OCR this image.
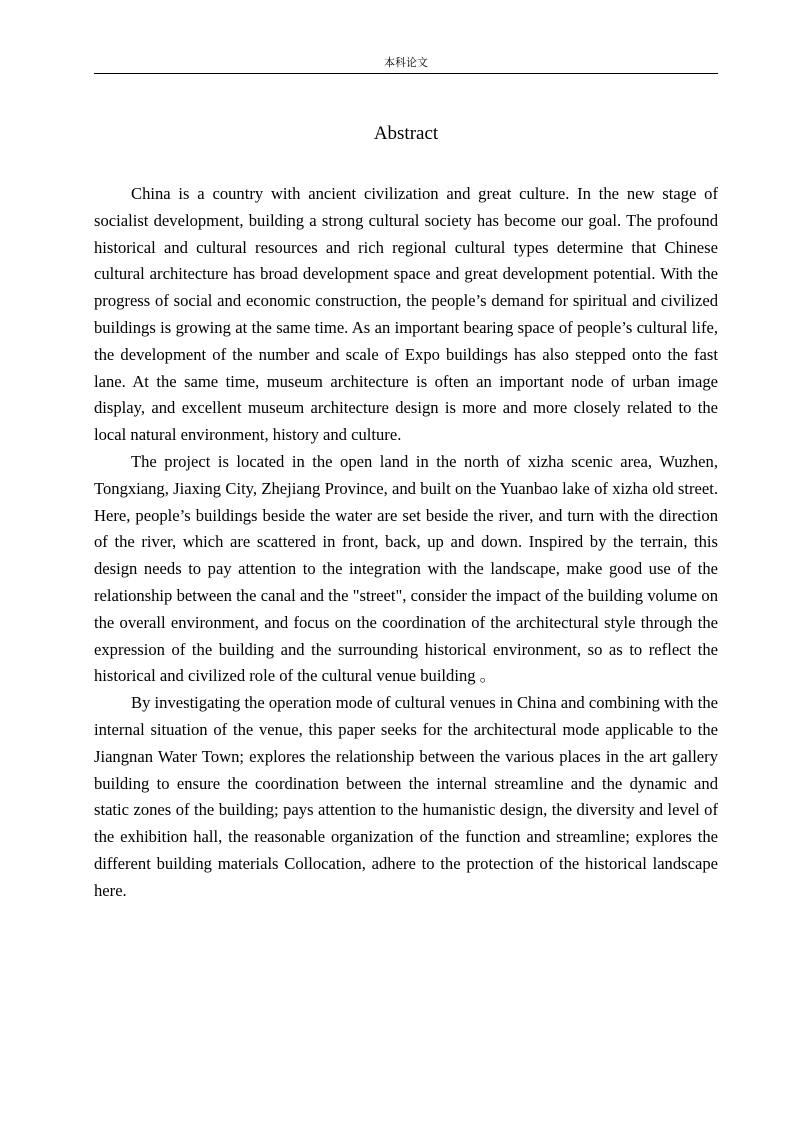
本科论文
Abstract

China is a country with ancient civilization and great culture. In the new stage of socialist development, building a strong cultural society has become our goal. The profound historical and cultural resources and rich regional cultural types determine that Chinese cultural architecture has broad development space and great development potential. With the progress of social and economic construction, the people’s demand for spiritual and civilized buildings is growing at the same time. As an important bearing space of people’s cultural life, the development of the number and scale of Expo buildings has also stepped onto the fast lane. At the same time, museum architecture is often an important node of urban image display, and excellent museum architecture design is more and more closely related to the local natural environment, history and culture.

The project is located in the open land in the north of xizha scenic area, Wuzhen, Tongxiang, Jiaxing City, Zhejiang Province, and built on the Yuanbao lake of xizha old street. Here, people’s buildings beside the water are set beside the river, and turn with the direction of the river, which are scattered in front, back, up and down. Inspired by the terrain, this design needs to pay attention to the integration with the landscape, make good use of the relationship between the canal and the "street", consider the impact of the building volume on the overall environment, and focus on the coordination of the architectural style through the expression of the building and the surrounding historical environment, so as to reflect the historical and civilized role of the cultural venue building 。

By investigating the operation mode of cultural venues in China and combining with the internal situation of the venue, this paper seeks for the architectural mode applicable to the Jiangnan Water Town; explores the relationship between the various places in the art gallery building to ensure the coordination between the internal streamline and the dynamic and static zones of the building; pays attention to the humanistic design, the diversity and level of the exhibition hall, the reasonable organization of the function and streamline; explores the different building materials Collocation, adhere to the protection of the historical landscape here.
